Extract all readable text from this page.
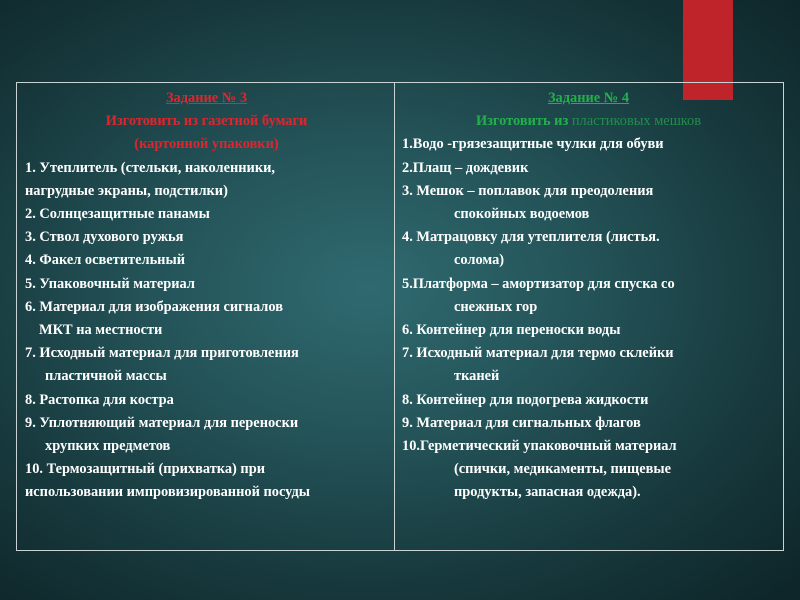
Задание № 3
Изготовить из газетной бумаги
(картонной упаковки)

1. Утеплитель (стельки, наколенники,

нагрудные экраны, подстилки)

2. Солнцезащитные панамы

3. Ствол духового ружья

4. Факел осветительный

5. Упаковочный материал

6. Материал для изображения сигналов

МКТ на местности

7. Исходный материал для приготовления

пластичной массы

8. Растопка для костра

9. Уплотняющий материал для переноски

хрупких предметов

10. Термозащитный (прихватка) при

использовании импровизированной посуды

Задание № 4
Изготовить из пластиковых мешков

1.Водо -грязезащитные чулки для обуви

2.Плащ – дождевик

3. Мешок – поплавок для преодоления

спокойных водоемов

4. Матрацовку для утеплителя (листья.

солома)

5.Платформа – амортизатор для спуска со

снежных гор

6. Контейнер для переноски воды

7. Исходный материал для термо склейки

тканей

8. Контейнер для подогрева жидкости

9. Материал для сигнальных флагов

10.Герметический упаковочный материал

(спички, медикаменты, пищевые

продукты, запасная одежда).
